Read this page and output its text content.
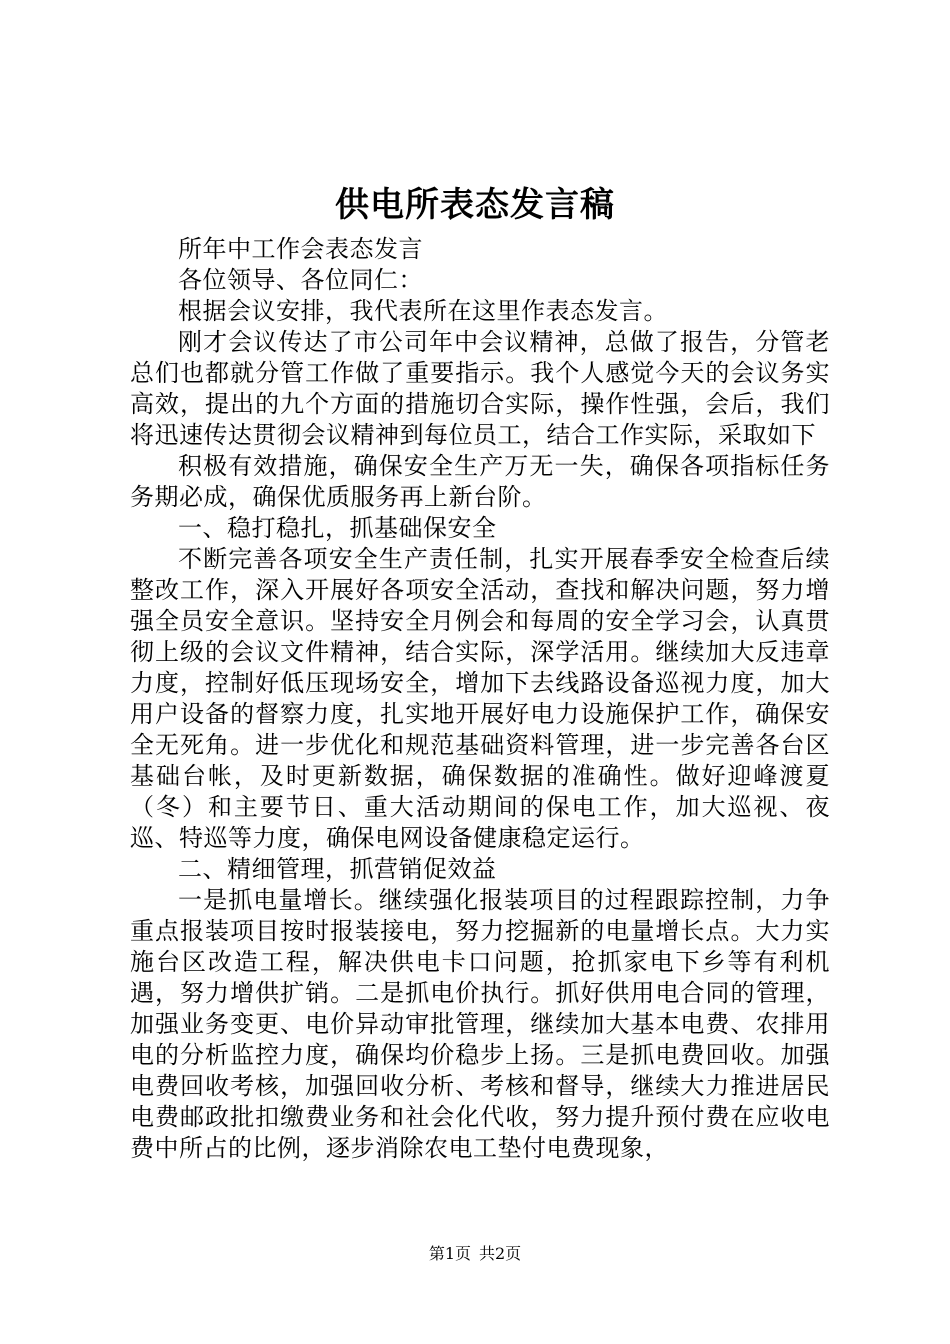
供电所表态发言稿

所年中工作会表态发言

各位领导、各位同仁：

根据会议安排，我代表所在这里作表态发言。

刚才会议传达了市公司年中会议精神，总做了报告，分管老总们也都就分管工作做了重要指示。我个人感觉今天的会议务实高效，提出的九个方面的措施切合实际，操作性强，会后，我们将迅速传达贯彻会议精神到每位员工，结合工作实际，采取如下

积极有效措施，确保安全生产万无一失，确保各项指标任务务期必成，确保优质服务再上新台阶。

一、稳打稳扎，抓基础保安全

不断完善各项安全生产责任制，扎实开展春季安全检查后续整改工作，深入开展好各项安全活动，查找和解决问题，努力增强全员安全意识。坚持安全月例会和每周的安全学习会，认真贯彻上级的会议文件精神，结合实际，深学活用。继续加大反违章力度，控制好低压现场安全，增加下去线路设备巡视力度，加大用户设备的督察力度，扎实地开展好电力设施保护工作，确保安全无死角。进一步优化和规范基础资料管理，进一步完善各台区基础台帐，及时更新数据，确保数据的准确性。做好迎峰渡夏（冬）和主要节日、重大活动期间的保电工作，加大巡视、夜巡、特巡等力度，确保电网设备健康稳定运行。

二、精细管理，抓营销促效益

一是抓电量增长。继续强化报装项目的过程跟踪控制，力争重点报装项目按时报装接电，努力挖掘新的电量增长点。大力实施台区改造工程，解决供电卡口问题，抢抓家电下乡等有利机遇，努力增供扩销。二是抓电价执行。抓好供用电合同的管理，加强业务变更、电价异动审批管理，继续加大基本电费、农排用电的分析监控力度，确保均价稳步上扬。三是抓电费回收。加强电费回收考核，加强回收分析、考核和督导，继续大力推进居民电费邮政批扣缴费业务和社会化代收，努力提升预付费在应收电费中所占的比例，逐步消除农电工垫付电费现象，

第1页 共2页
